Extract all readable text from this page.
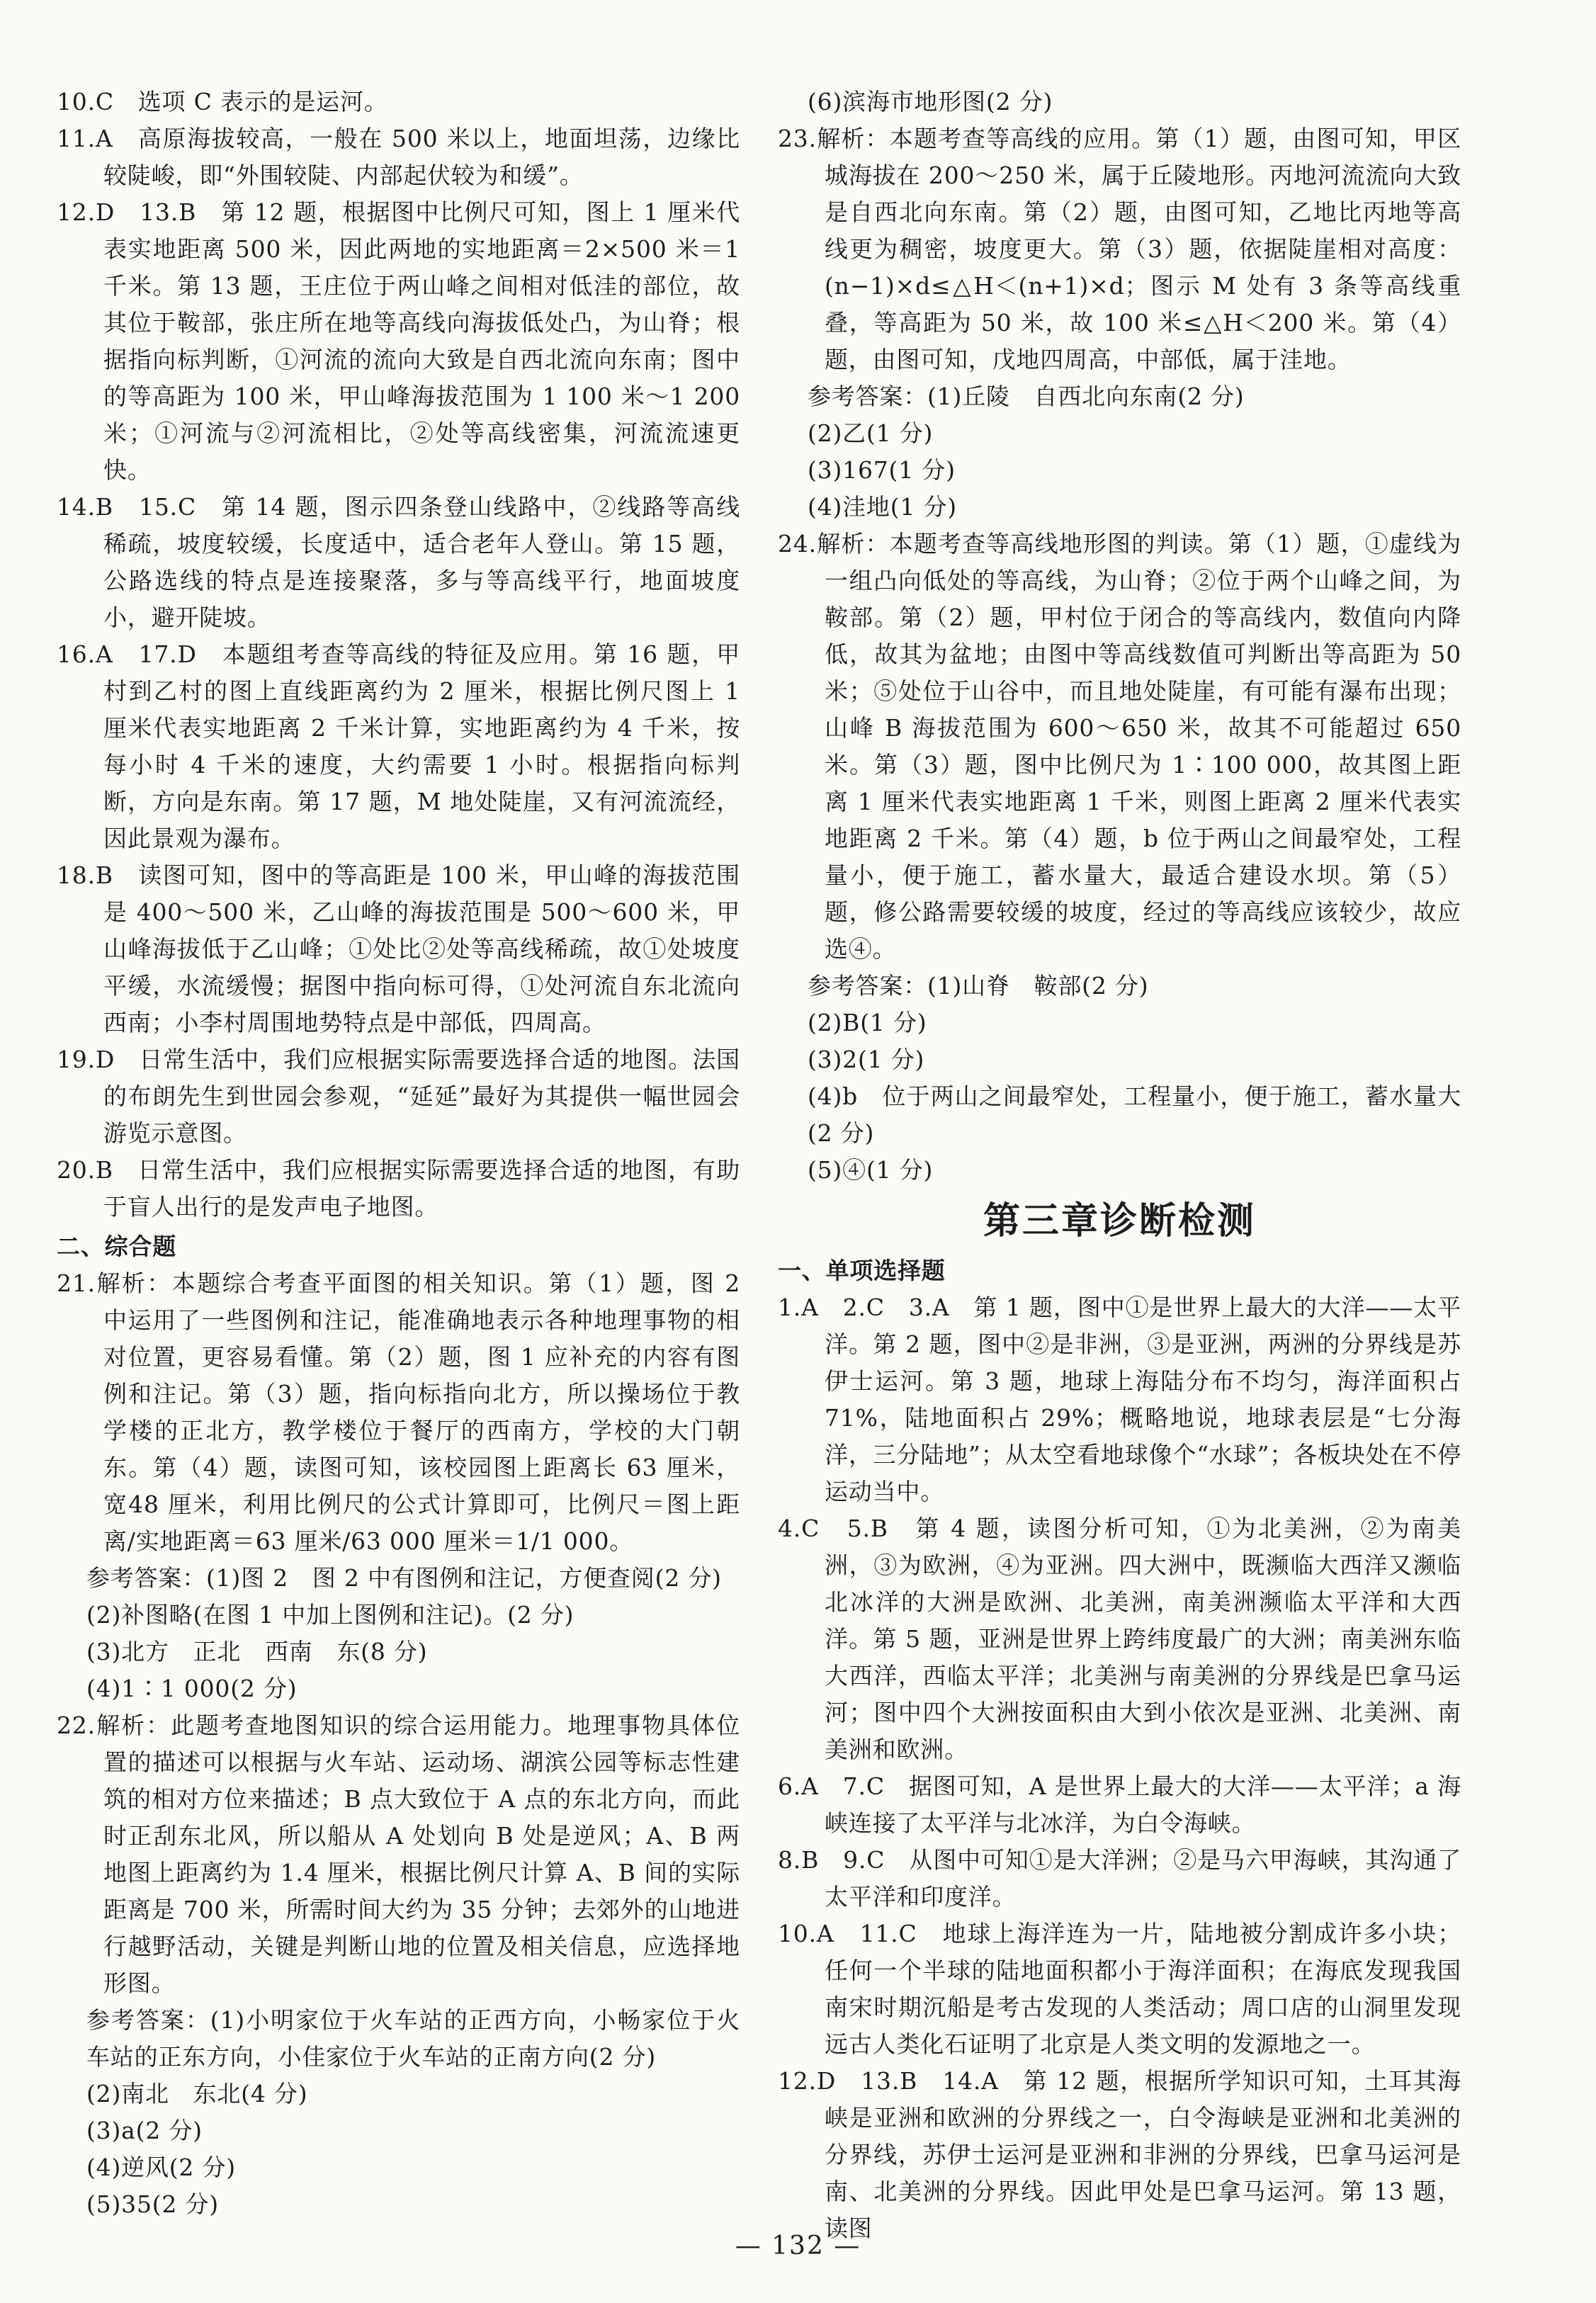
10.C　选项 C 表示的是运河。
11.A　高原海拔较高，一般在 500 米以上，地面坦荡，边缘比较陡峻，即“外围较陡、内部起伏较为和缓”。
12.D　13.B　第 12 题，根据图中比例尺可知，图上 1 厘米代表实地距离 500 米，因此两地的实地距离＝2×500 米＝1 千米。第 13 题，王庄位于两山峰之间相对低洼的部位，故其位于鞍部，张庄所在地等高线向海拔低处凸，为山脊；根据指向标判断，①河流的流向大致是自西北流向东南；图中的等高距为 100 米，甲山峰海拔范围为 1 100 米～1 200 米；①河流与②河流相比，②处等高线密集，河流流速更快。
14.B　15.C　第 14 题，图示四条登山线路中，②线路等高线稀疏，坡度较缓，长度适中，适合老年人登山。第 15 题，公路选线的特点是连接聚落，多与等高线平行，地面坡度小，避开陡坡。
16.A　17.D　本题组考查等高线的特征及应用。第 16 题，甲村到乙村的图上直线距离约为 2 厘米，根据比例尺图上 1 厘米代表实地距离 2 千米计算，实地距离约为 4 千米，按每小时 4 千米的速度，大约需要 1 小时。根据指向标判断，方向是东南。第 17 题，M 地处陡崖，又有河流流经，因此景观为瀑布。
18.B　读图可知，图中的等高距是 100 米，甲山峰的海拔范围是 400～500 米，乙山峰的海拔范围是 500～600 米，甲山峰海拔低于乙山峰；①处比②处等高线稀疏，故①处坡度平缓，水流缓慢；据图中指向标可得，①处河流自东北流向西南；小李村周围地势特点是中部低，四周高。
19.D　日常生活中，我们应根据实际需要选择合适的地图。法国的布朗先生到世园会参观，“延延”最好为其提供一幅世园会游览示意图。
20.B　日常生活中，我们应根据实际需要选择合适的地图，有助于盲人出行的是发声电子地图。
二、综合题
21.解析：本题综合考查平面图的相关知识。第（1）题，图 2 中运用了一些图例和注记，能准确地表示各种地理事物的相对位置，更容易看懂。第（2）题，图 1 应补充的内容有图例和注记。第（3）题，指向标指向北方，所以操场位于教学楼的正北方，教学楼位于餐厅的西南方，学校的大门朝东。第（4）题，读图可知，该校园图上距离长 63 厘米，宽48 厘米，利用比例尺的公式计算即可，比例尺＝图上距离/实地距离＝63 厘米/63 000 厘米＝1/1 000。
参考答案：(1)图 2　图 2 中有图例和注记，方便查阅(2 分)
(2)补图略(在图 1 中加上图例和注记)。(2 分)
(3)北方　正北　西南　东(8 分)
(4)1∶1 000(2 分)
22.解析：此题考查地图知识的综合运用能力。地理事物具体位置的描述可以根据与火车站、运动场、湖滨公园等标志性建筑的相对方位来描述；B 点大致位于 A 点的东北方向，而此时正刮东北风，所以船从 A 处划向 B 处是逆风；A、B 两地图上距离约为 1.4 厘米，根据比例尺计算 A、B 间的实际距离是 700 米，所需时间大约为 35 分钟；去郊外的山地进行越野活动，关键是判断山地的位置及相关信息，应选择地形图。
参考答案：(1)小明家位于火车站的正西方向，小畅家位于火车站的正东方向，小佳家位于火车站的正南方向(2 分)
(2)南北　东北(4 分)
(3)a(2 分)
(4)逆风(2 分)
(5)35(2 分)
(6)滨海市地形图(2 分)
23.解析：本题考查等高线的应用。第（1）题，由图可知，甲区城海拔在 200～250 米，属于丘陵地形。丙地河流流向大致是自西北向东南。第（2）题，由图可知，乙地比丙地等高线更为稠密，坡度更大。第（3）题，依据陡崖相对高度：(n−1)×d≤△H＜(n+1)×d；图示 M 处有 3 条等高线重叠，等高距为 50 米，故 100 米≤△H＜200 米。第（4）题，由图可知，戊地四周高，中部低，属于洼地。
参考答案：(1)丘陵　自西北向东南(2 分)
(2)乙(1 分)
(3)167(1 分)
(4)洼地(1 分)
24.解析：本题考查等高线地形图的判读。第（1）题，①虚线为一组凸向低处的等高线，为山脊；②位于两个山峰之间，为鞍部。第（2）题，甲村位于闭合的等高线内，数值向内降低，故其为盆地；由图中等高线数值可判断出等高距为 50 米；⑤处位于山谷中，而且地处陡崖，有可能有瀑布出现；山峰 B 海拔范围为 600～650 米，故其不可能超过 650 米。第（3）题，图中比例尺为 1∶100 000，故其图上距离 1 厘米代表实地距离 1 千米，则图上距离 2 厘米代表实地距离 2 千米。第（4）题，b 位于两山之间最窄处，工程量小，便于施工，蓄水量大，最适合建设水坝。第（5）题，修公路需要较缓的坡度，经过的等高线应该较少，故应选④。
参考答案：(1)山脊　鞍部(2 分)
(2)B(1 分)
(3)2(1 分)
(4)b　位于两山之间最窄处，工程量小，便于施工，蓄水量大(2 分)
(5)④(1 分)
第三章诊断检测
一、单项选择题
1.A　2.C　3.A　第 1 题，图中①是世界上最大的大洋——太平洋。第 2 题，图中②是非洲，③是亚洲，两洲的分界线是苏伊士运河。第 3 题，地球上海陆分布不均匀，海洋面积占 71%，陆地面积占 29%；概略地说，地球表层是“七分海洋，三分陆地”；从太空看地球像个“水球”；各板块处在不停运动当中。
4.C　5.B　第 4 题，读图分析可知，①为北美洲，②为南美洲，③为欧洲，④为亚洲。四大洲中，既濒临大西洋又濒临北冰洋的大洲是欧洲、北美洲，南美洲濒临太平洋和大西洋。第 5 题，亚洲是世界上跨纬度最广的大洲；南美洲东临大西洋，西临太平洋；北美洲与南美洲的分界线是巴拿马运河；图中四个大洲按面积由大到小依次是亚洲、北美洲、南美洲和欧洲。
6.A　7.C　据图可知，A 是世界上最大的大洋——太平洋；a 海峡连接了太平洋与北冰洋，为白令海峡。
8.B　9.C　从图中可知①是大洋洲；②是马六甲海峡，其沟通了太平洋和印度洋。
10.A　11.C　地球上海洋连为一片，陆地被分割成许多小块；任何一个半球的陆地面积都小于海洋面积；在海底发现我国南宋时期沉船是考古发现的人类活动；周口店的山洞里发现远古人类化石证明了北京是人类文明的发源地之一。
12.D　13.B　14.A　第 12 题，根据所学知识可知，土耳其海峡是亚洲和欧洲的分界线之一，白令海峡是亚洲和北美洲的分界线，苏伊士运河是亚洲和非洲的分界线，巴拿马运河是南、北美洲的分界线。因此甲处是巴拿马运河。第 13 题，读图
— 132 —
